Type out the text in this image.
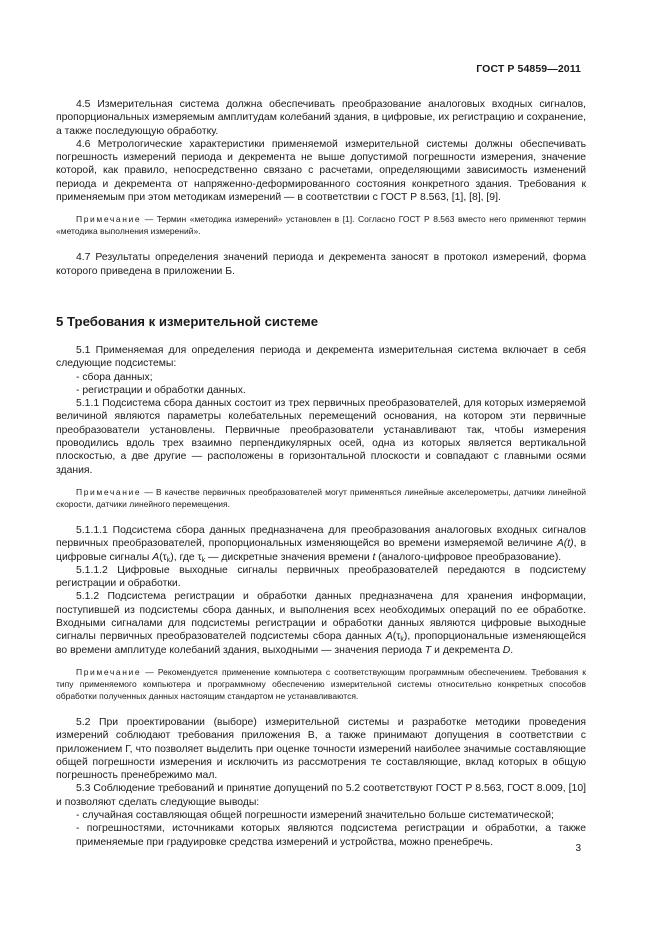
ГОСТ Р 54859—2011

4.5 Измерительная система должна обеспечивать преобразование аналоговых входных сигналов, пропорциональных измеряемым амплитудам колебаний здания, в цифровые, их регистрацию и сохранение, а также последующую обработку.

4.6 Метрологические характеристики применяемой измерительной системы должны обеспечивать погрешность измерений периода и декремента не выше допустимой погрешности измерения, значение которой, как правило, непосредственно связано с расчетами, определяющими зависимость изменений периода и декремента от напряженно-деформированного состояния конкретного здания. Требования к применяемым при этом методикам измерений — в соответствии с ГОСТ Р 8.563, [1], [8], [9].

Примечание — Термин «методика измерений» установлен в [1]. Согласно ГОСТ Р 8.563 вместо него применяют термин «методика выполнения измерений».

4.7 Результаты определения значений периода и декремента заносят в протокол измерений, форма которого приведена в приложении Б.

5 Требования к измерительной системе

5.1 Применяемая для определения периода и декремента измерительная система включает в себя следующие подсистемы:

- сбора данных;

- регистрации и обработки данных.

5.1.1 Подсистема сбора данных состоит из трех первичных преобразователей, для которых измеряемой величиной являются параметры колебательных перемещений основания, на котором эти первичные преобразователи установлены. Первичные преобразователи устанавливают так, чтобы измерения проводились вдоль трех взаимно перпендикулярных осей, одна из которых является вертикальной плоскостью, а две другие — расположены в горизонтальной плоскости и совпадают с главными осями здания.

Примечание — В качестве первичных преобразователей могут применяться линейные акселерометры, датчики линейной скорости, датчики линейного перемещения.

5.1.1.1 Подсистема сбора данных предназначена для преобразования аналоговых входных сигналов первичных преобразователей, пропорциональных изменяющейся во времени измеряемой величине A(t), в цифровые сигналы $A(\tau_k)$, где $\tau_k$ — дискретные значения времени t (аналого-цифровое преобразование).

5.1.1.2 Цифровые выходные сигналы первичных преобразователей передаются в подсистему регистрации и обработки.

5.1.2 Подсистема регистрации и обработки данных предназначена для хранения информации, поступившей из подсистемы сбора данных, и выполнения всех необходимых операций по ее обработке. Входными сигналами для подсистемы регистрации и обработки данных являются цифровые выходные сигналы первичных преобразователей подсистемы сбора данных $A(\tau_k)$, пропорциональные изменяющейся во времени амплитуде колебаний здания, выходными — значения периода T и декремента D.

Примечание — Рекомендуется применение компьютера с соответствующим программным обеспечением. Требования к типу применяемого компьютера и программному обеспечению измерительной системы относительно конкретных способов обработки полученных данных настоящим стандартом не устанавливаются.

5.2 При проектировании (выборе) измерительной системы и разработке методики проведения измерений соблюдают требования приложения В, а также принимают допущения в соответствии с приложением Г, что позволяет выделить при оценке точности измерений наиболее значимые составляющие общей погрешности измерения и исключить из рассмотрения те составляющие, вклад которых в общую погрешность пренебрежимо мал.

5.3 Соблюдение требований и принятие допущений по 5.2 соответствуют ГОСТ Р 8.563, ГОСТ 8.009, [10] и позволяют сделать следующие выводы:

- случайная составляющая общей погрешности измерений значительно больше систематической;

- погрешностями, источниками которых являются подсистема регистрации и обработки, а также применяемые при градуировке средства измерений и устройства, можно пренебречь.

3
